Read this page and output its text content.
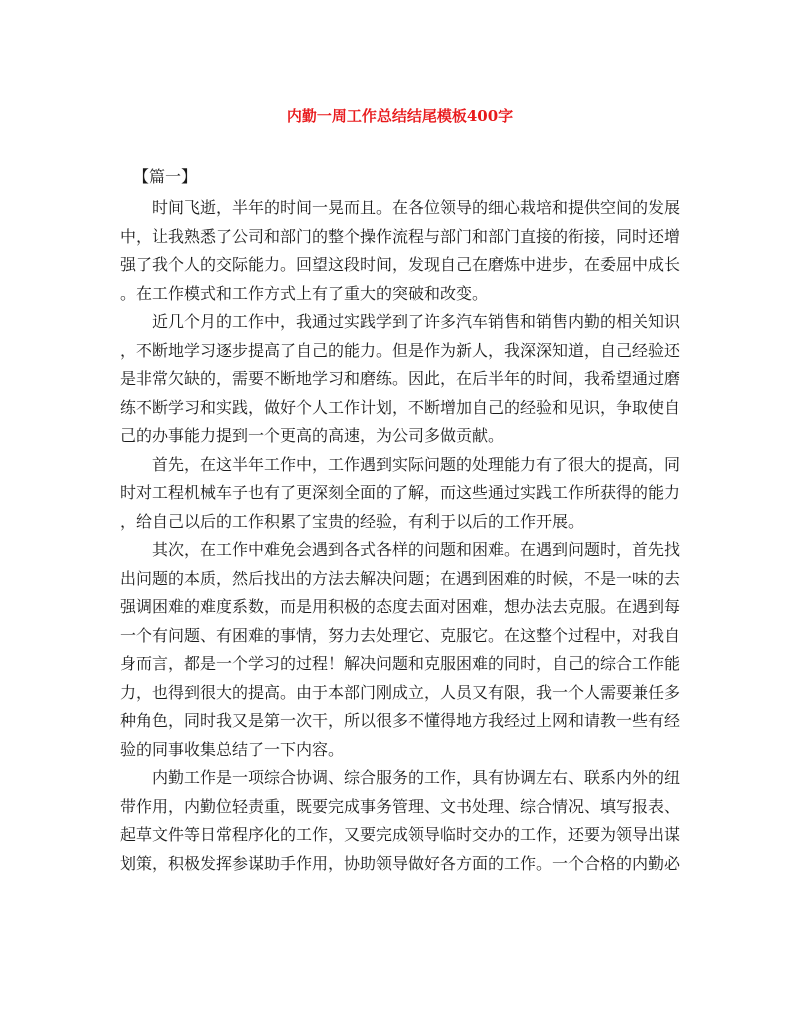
内勤一周工作总结结尾模板400字
【篇一】

时间飞逝，半年的时间一晃而且。在各位领导的细心栽培和提供空间的发展
中，让我熟悉了公司和部门的整个操作流程与部门和部门直接的衔接，同时还增
强了我个人的交际能力。回望这段时间，发现自己在磨炼中进步，在委屈中成长
。在工作模式和工作方式上有了重大的突破和改变。

近几个月的工作中，我通过实践学到了许多汽车销售和销售内勤的相关知识
，不断地学习逐步提高了自己的能力。但是作为新人，我深深知道，自己经验还
是非常欠缺的，需要不断地学习和磨练。因此，在后半年的时间，我希望通过磨
练不断学习和实践，做好个人工作计划，不断增加自己的经验和见识，争取使自
己的办事能力提到一个更高的高速，为公司多做贡献。

首先，在这半年工作中，工作遇到实际问题的处理能力有了很大的提高，同
时对工程机械车子也有了更深刻全面的了解，而这些通过实践工作所获得的能力
，给自己以后的工作积累了宝贵的经验，有利于以后的工作开展。

其次，在工作中难免会遇到各式各样的问题和困难。在遇到问题时，首先找
出问题的本质，然后找出的方法去解决问题；在遇到困难的时候，不是一味的去
强调困难的难度系数，而是用积极的态度去面对困难，想办法去克服。在遇到每
一个有问题、有困难的事情，努力去处理它、克服它。在这整个过程中，对我自
身而言，都是一个学习的过程！解决问题和克服困难的同时，自己的综合工作能
力，也得到很大的提高。由于本部门刚成立，人员又有限，我一个人需要兼任多
种角色，同时我又是第一次干，所以很多不懂得地方我经过上网和请教一些有经
验的同事收集总结了一下内容。

内勤工作是一项综合协调、综合服务的工作，具有协调左右、联系内外的纽
带作用，内勤位轻责重，既要完成事务管理、文书处理、综合情况、填写报表、
起草文件等日常程序化的工作，又要完成领导临时交办的工作，还要为领导出谋
划策，积极发挥参谋助手作用，协助领导做好各方面的工作。一个合格的内勤必
